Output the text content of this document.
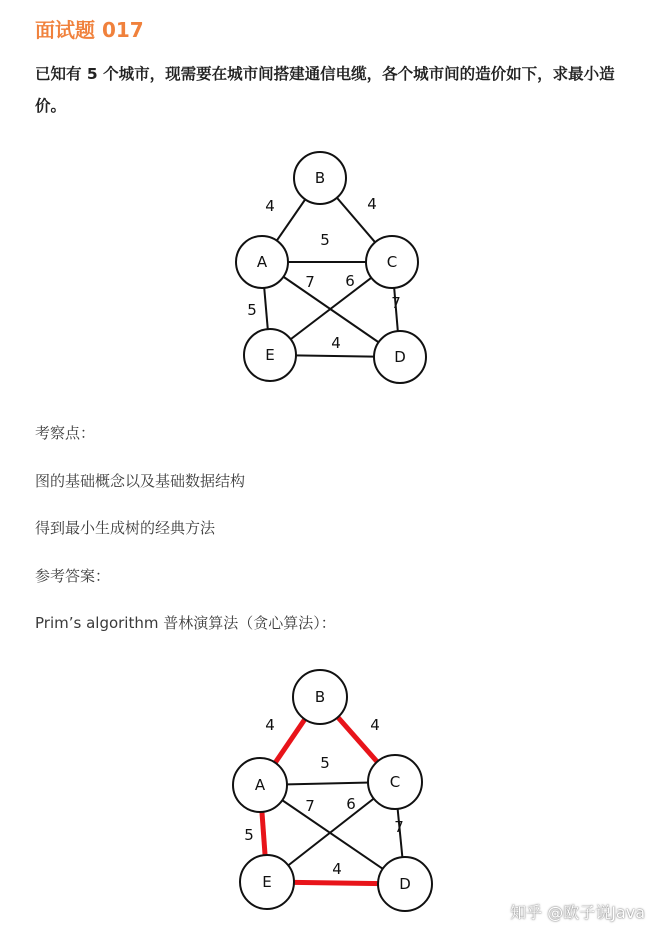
面试题 017
已知有 5 个城市，现需要在城市间搭建通信电缆，各个城市间的造价如下，求最小造价。
4	4
5
7 6
7
5
4
A
B
C
D
E
考察点：
图的基础概念以及基础数据结构
得到最小生成树的经典方法
参考答案：
Prim’s algorithm 普林演算法（贪心算法）：
4	4
5
7 6
7
5
4
A
B
C
D
E
知乎 @欧子说Java
